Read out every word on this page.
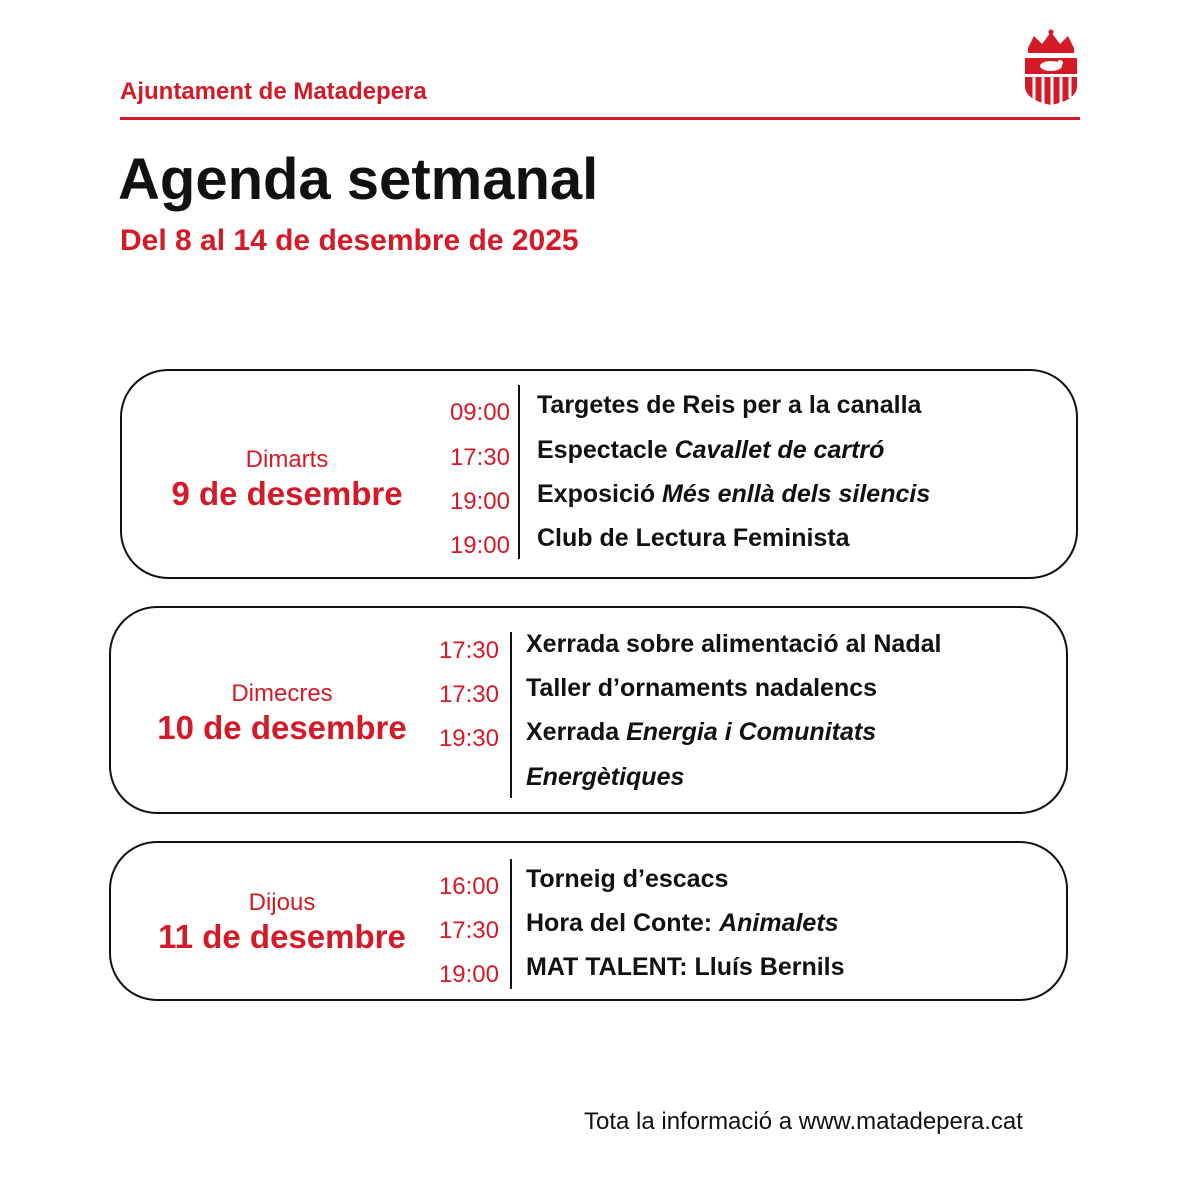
Ajuntament de Matadepera
Agenda setmanal
Del 8 al 14 de desembre de 2025
Dimarts
9 de desembre
09:00 Targetes de Reis per a la canalla
17:30 Espectacle Cavallet de cartró
19:00 Exposició Més enllà dels silencis
19:00 Club de Lectura Feminista
Dimecres
10 de desembre
17:30 Xerrada sobre alimentació al Nadal
17:30 Taller d’ornaments nadalencs
19:30 Xerrada Energia i Comunitats
Energètiques
Dijous
11 de desembre
16:00 Torneig d’escacs
17:30 Hora del Conte: Animalets
19:00 MAT TALENT: Lluís Bernils
Tota la informació a www.matadepera.cat
